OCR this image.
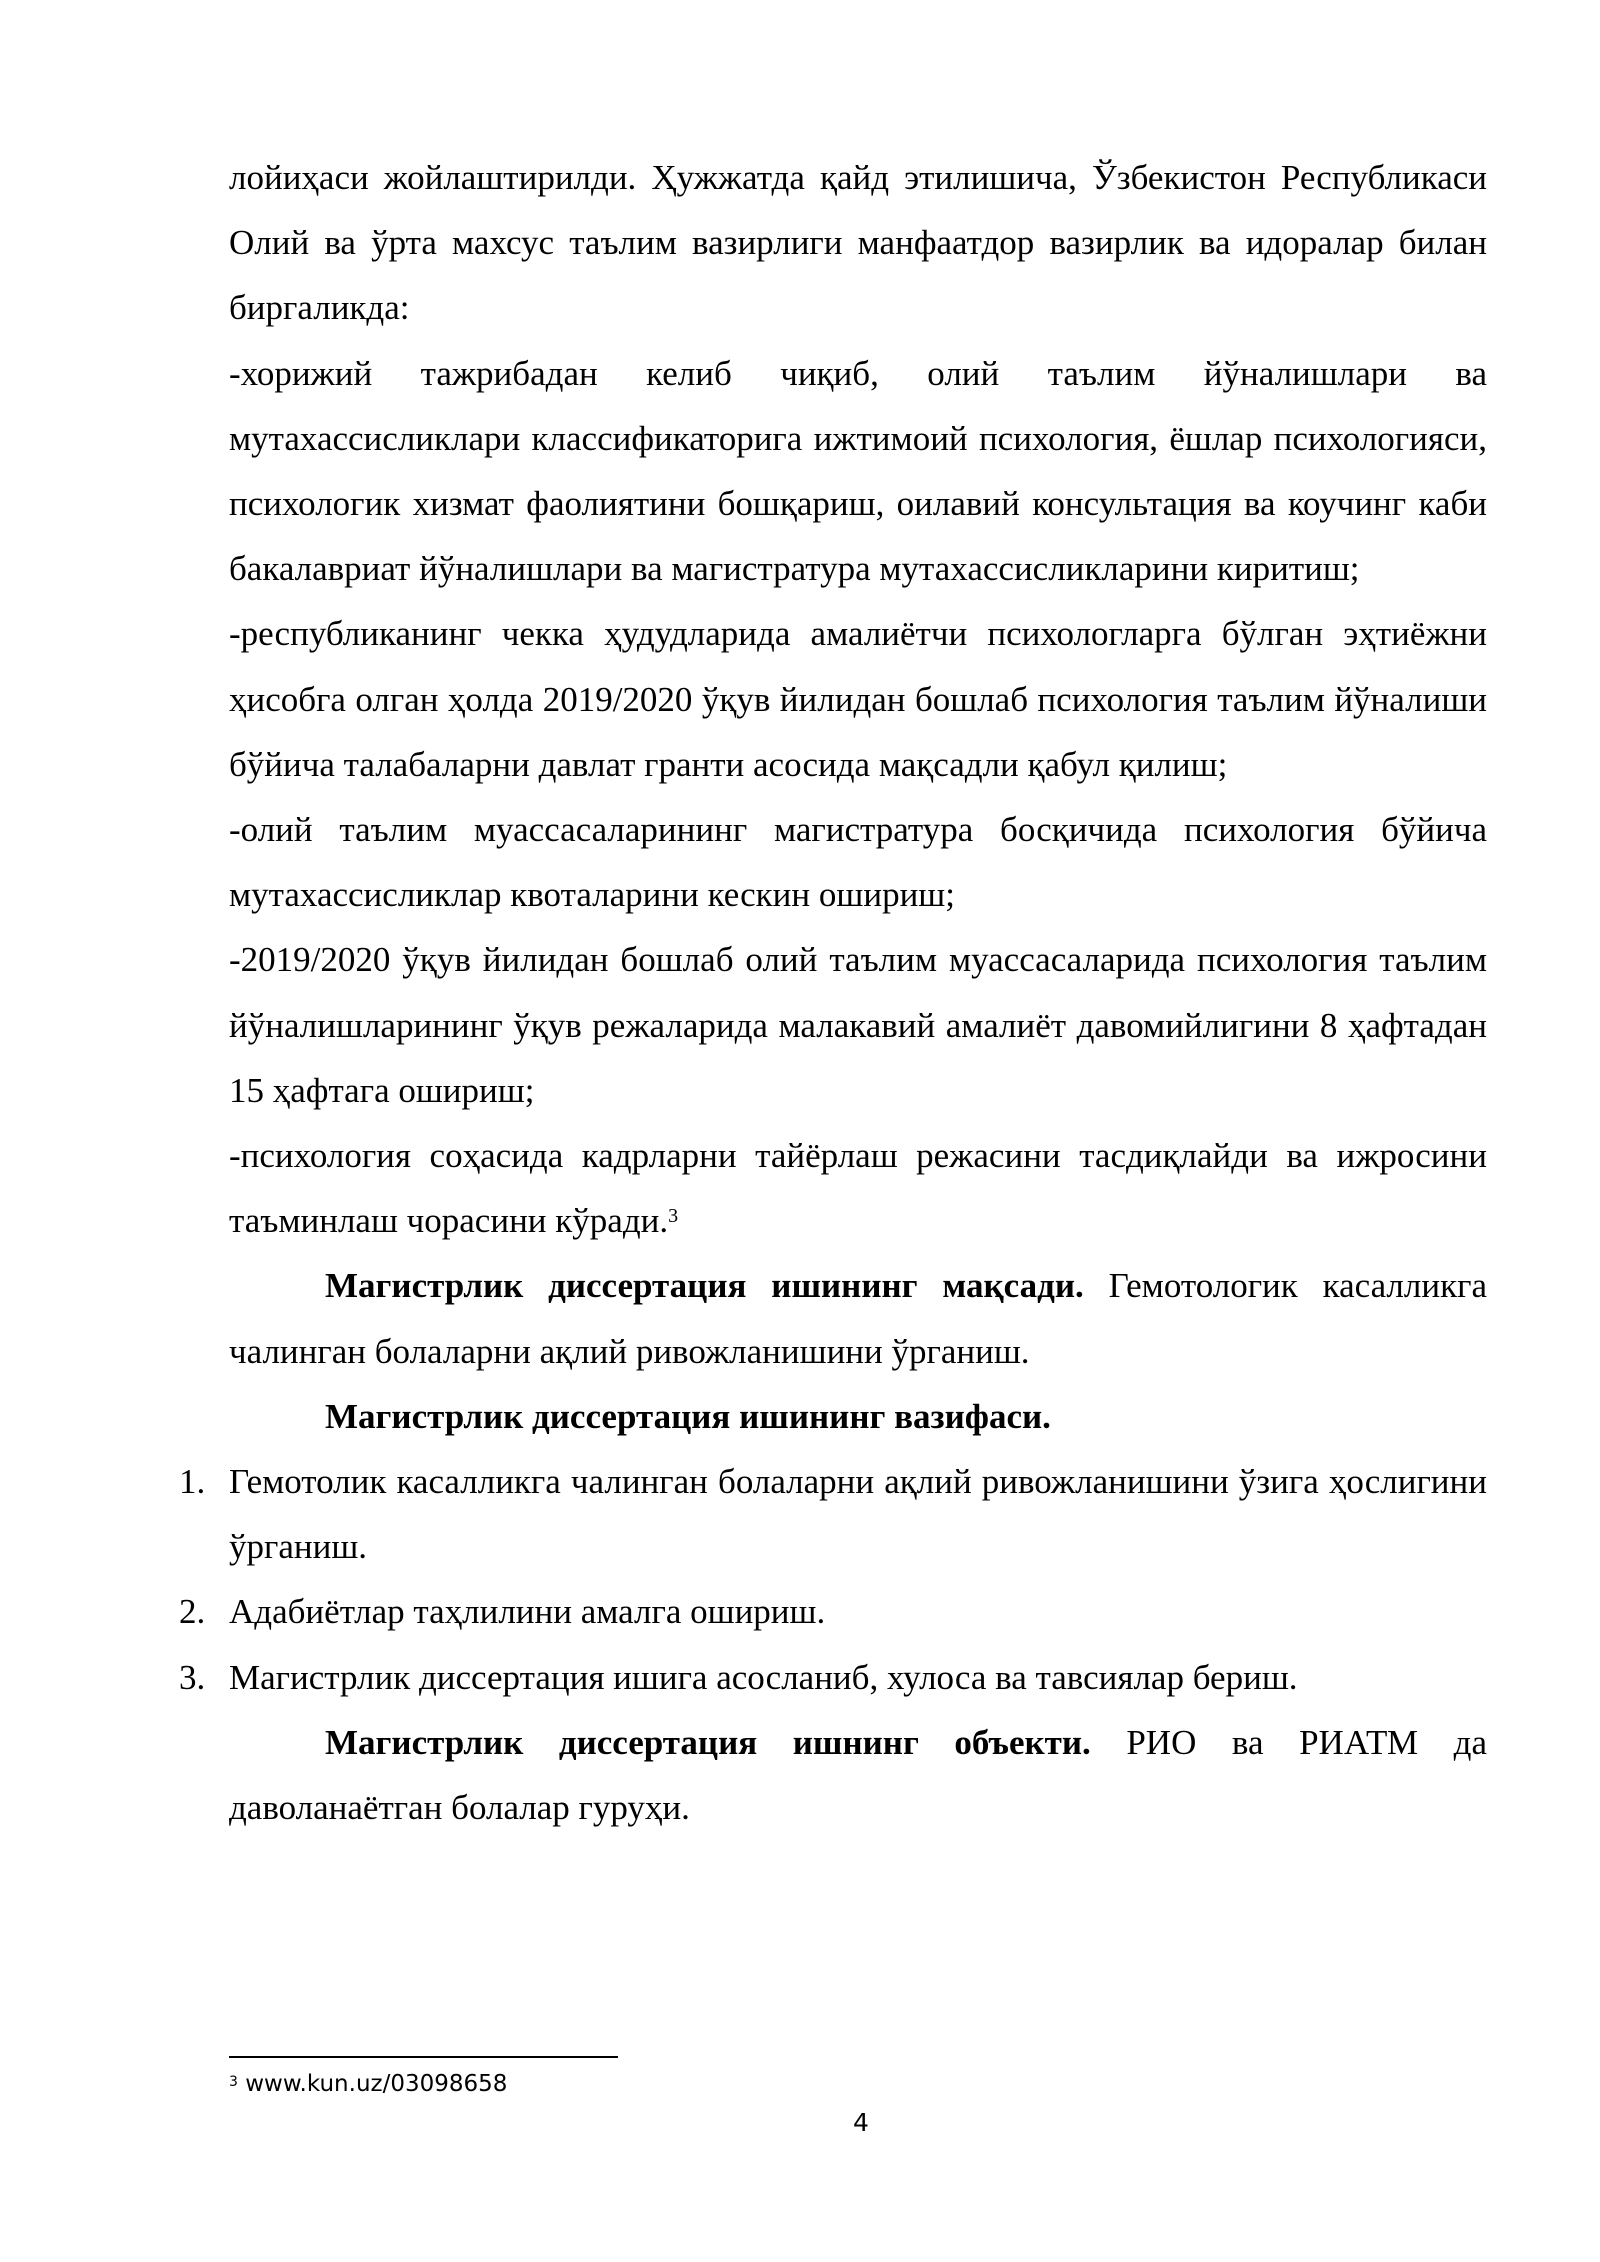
лойиҳаси жойлаштирилди. Ҳужжатда қайд этилишича, Ўзбекистон Республикаси Олий ва ўрта махсус таълим вазирлиги манфаатдор вазирлик ва идоралар билан биргаликда:

-хорижий тажрибадан келиб чиқиб, олий таълим йўналишлари ва мутахассисликлари классификаторига ижтимоий психология, ёшлар психологияси, психологик хизмат фаолиятини бошқариш, оилавий консультация ва коучинг каби бакалавриат йўналишлари ва магистратура мутахассисликларини киритиш;

-республиканинг чекка ҳудудларида амалиётчи психологларга бўлган эҳтиёжни ҳисобга олган ҳолда 2019/2020 ўқув йилидан бошлаб психология таълим йўналиши бўйича талабаларни давлат гранти асосида мақсадли қабул қилиш;

-олий таълим муассасаларининг магистратура босқичида психология бўйича мутахассисликлар квоталарини кескин ошириш;

-2019/2020 ўқув йилидан бошлаб олий таълим муассасаларида психология таълим йўналишларининг ўқув режаларида малакавий амалиёт давомийлигини 8 ҳафтадан 15 ҳафтага ошириш;

-психология соҳасида кадрларни тайёрлаш режасини тасдиқлайди ва ижросини таъминлаш чорасини кўради.$^3$

Магистрлик диссертация ишининг мақсади. Гемотологик касалликга чалинган болаларни ақлий ривожланишини ўрганиш.

Магистрлик диссертация ишининг вазифаси.

1. Гемотолик касалликга чалинган болаларни ақлий ривожланишини ўзига ҳослигини ўрганиш.
2. Адабиётлар таҳлилини амалга ошириш.
3. Магистрлик диссертация ишига асосланиб, хулоса ва тавсиялар бериш.

Магистрлик диссертация ишнинг объекти. РИО ва РИАТМ да даволанаётган болалар гуруҳи.

$^3$ www.kun.uz/03098658
4
